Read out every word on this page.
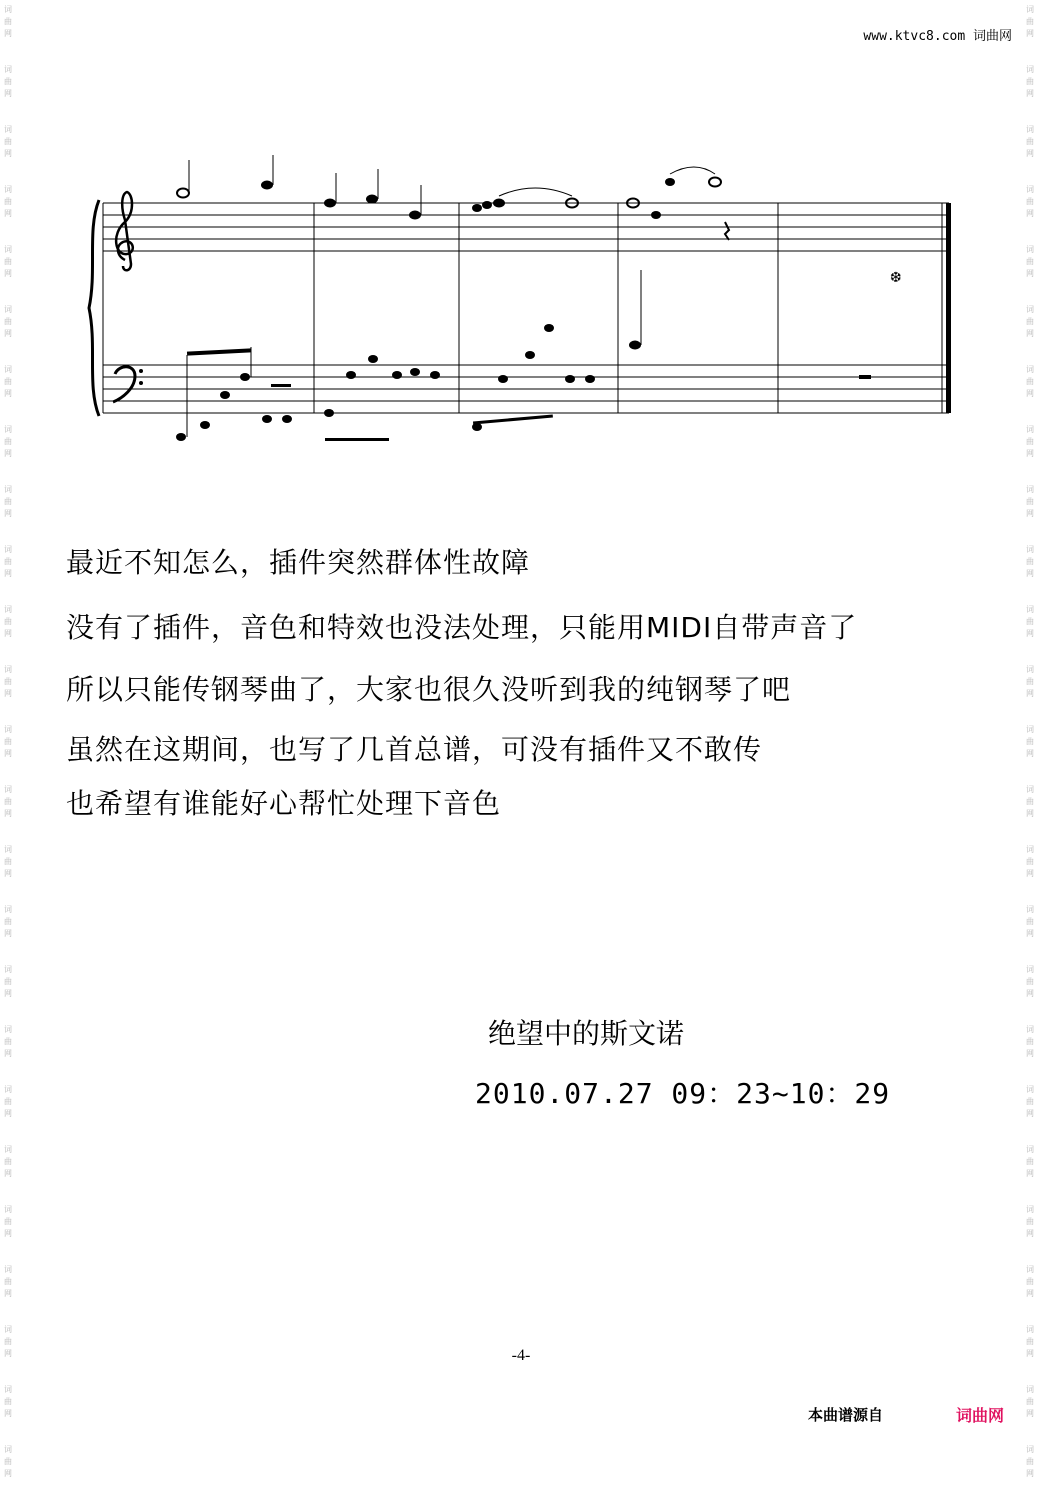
词
曲
网
词
曲
网
词
曲
网
词
曲
网
词
曲
网
词
曲
网
词
曲
网
词
曲
网
词
曲
网
词
曲
网
词
曲
网
词
曲
网
词
曲
网
词
曲
网
词
曲
网
词
曲
网
词
曲
网
词
曲
网
词
曲
网
词
曲
网
词
曲
网
词
曲
网
词
曲
网
词
曲
网
词
曲
网
词
曲
网
词
曲
网
词
曲
网
词
曲
网
词
曲
网
词
曲
网
词
曲
网
词
曲
网
词
曲
网
词
曲
网
词
曲
网
词
曲
网
词
曲
网
词
曲
网
词
曲
网
词
曲
网
词
曲
网
词
曲
网
词
曲
网
词
曲
网
词
曲
网
词
曲
网
词
曲
网
词
曲
网
词
曲
网
www.ktvc8.com 词曲网
❆
最近不知怎么，插件突然群体性故障
没有了插件，音色和特效也没法处理，只能用MIDI自带声音了
所以只能传钢琴曲了，大家也很久没听到我的纯钢琴了吧
虽然在这期间，也写了几首总谱，可没有插件又不敢传
也希望有谁能好心帮忙处理下音色
绝望中的斯文诺
2010.07.27 09：23~10：29
-4-
本曲谱源自	词曲网
